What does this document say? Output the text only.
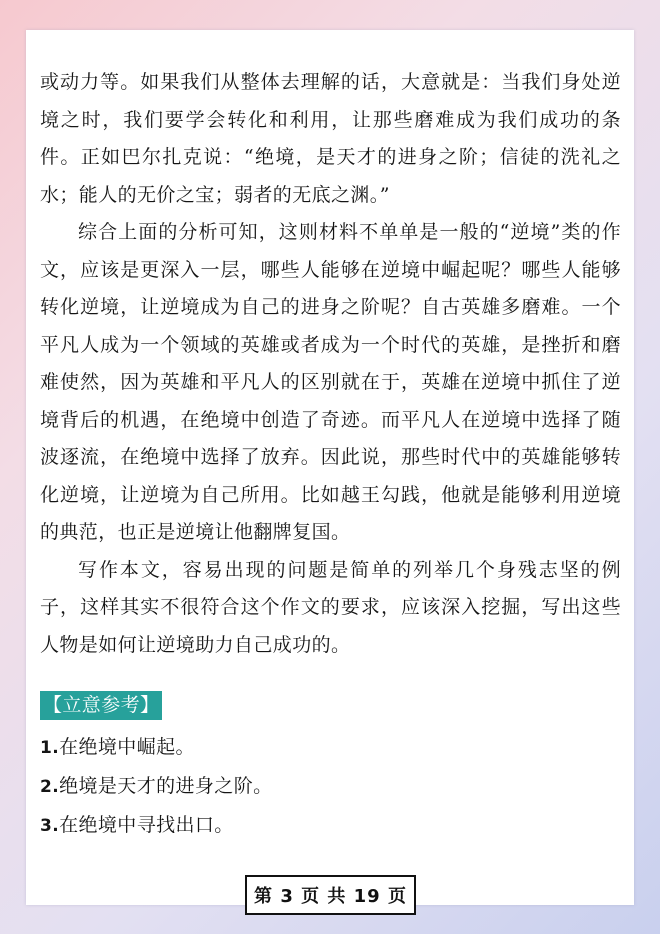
或动力等。如果我们从整体去理解的话，大意就是：当我们身处逆境之时，我们要学会转化和利用，让那些磨难成为我们成功的条件。正如巴尔扎克说：“绝境，是天才的进身之阶；信徒的洗礼之水；能人的无价之宝；弱者的无底之渊。”

综合上面的分析可知，这则材料不单单是一般的“逆境”类的作文，应该是更深入一层，哪些人能够在逆境中崛起呢？哪些人能够转化逆境，让逆境成为自己的进身之阶呢？自古英雄多磨难。一个平凡人成为一个领域的英雄或者成为一个时代的英雄，是挫折和磨难使然，因为英雄和平凡人的区别就在于，英雄在逆境中抓住了逆境背后的机遇，在绝境中创造了奇迹。而平凡人在逆境中选择了随波逐流，在绝境中选择了放弃。因此说，那些时代中的英雄能够转化逆境，让逆境为自己所用。比如越王勾践，他就是能够利用逆境的典范，也正是逆境让他翻牌复国。

写作本文，容易出现的问题是简单的列举几个身残志坚的例子，这样其实不很符合这个作文的要求，应该深入挖掘，写出这些人物是如何让逆境助力自己成功的。

【立意参考】
1.在绝境中崛起。
2.绝境是天才的进身之阶。
3.在绝境中寻找出口。
第 3 页 共 19 页
